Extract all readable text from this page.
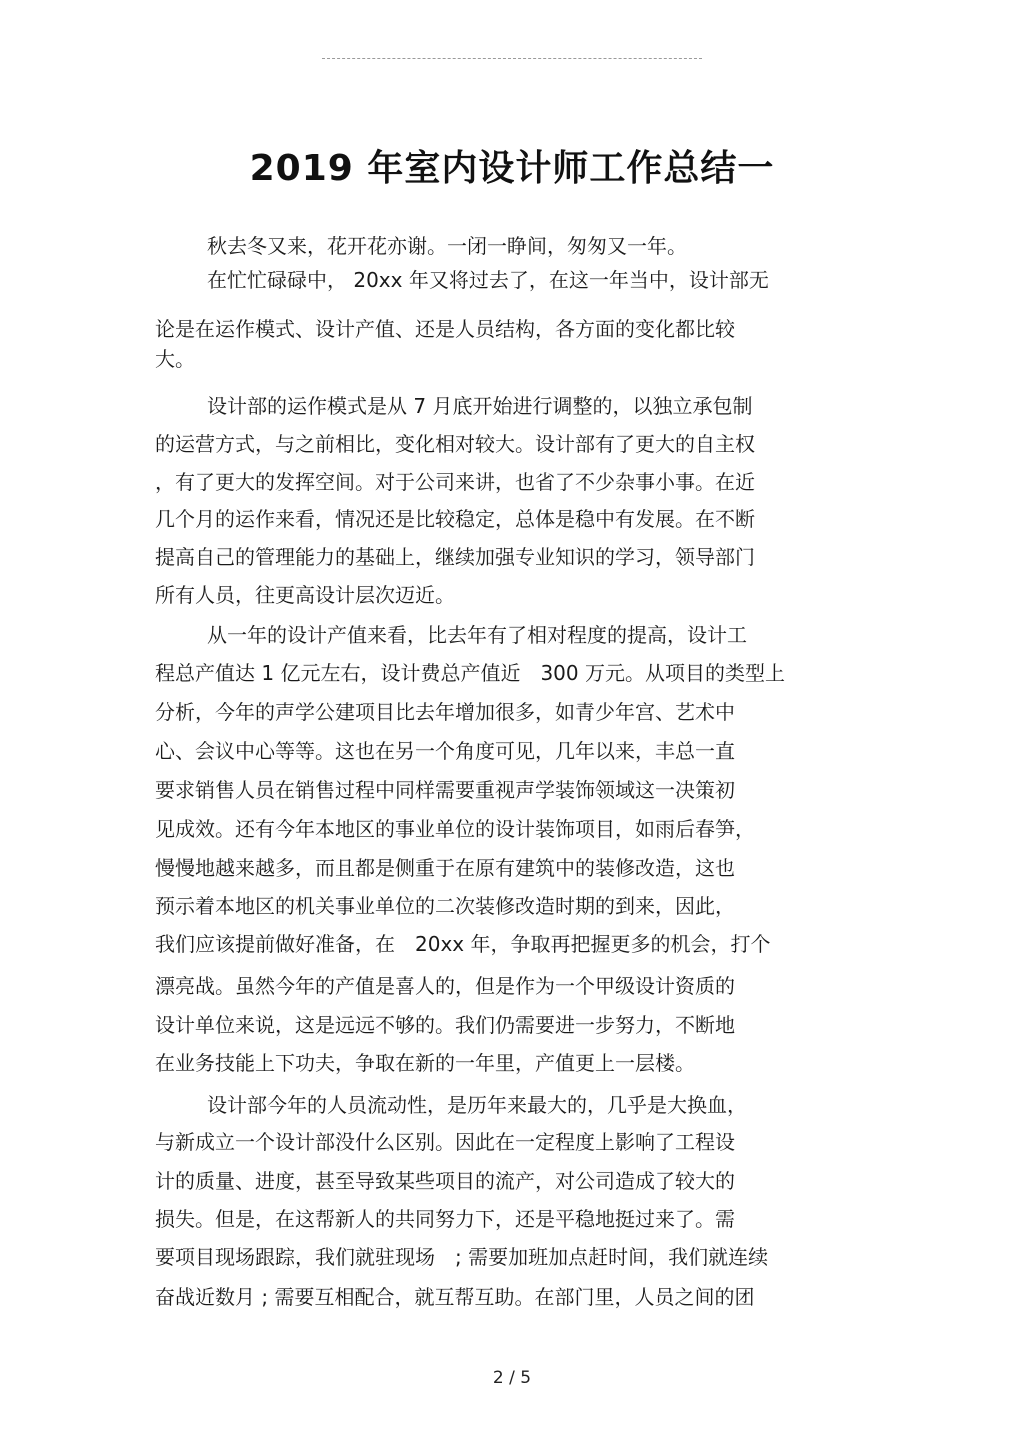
2019 年室内设计师工作总结一
秋去冬又来，花开花亦谢。一闭一睁间，匆匆又一年。
在忙忙碌碌中， 20xx 年又将过去了，在这一年当中，设计部无
论是在运作模式、设计产值、还是人员结构，各方面的变化都比较
大。
设计部的运作模式是从 7 月底开始进行调整的，以独立承包制
的运营方式，与之前相比，变化相对较大。设计部有了更大的自主权
，有了更大的发挥空间。对于公司来讲，也省了不少杂事小事。在近
几个月的运作来看，情况还是比较稳定，总体是稳中有发展。在不断
提高自己的管理能力的基础上，继续加强专业知识的学习，领导部门
所有人员，往更高设计层次迈近。
从一年的设计产值来看，比去年有了相对程度的提高，设计工
程总产值达 1 亿元左右，设计费总产值近　300 万元。从项目的类型上
分析，今年的声学公建项目比去年增加很多，如青少年宫、艺术中
心、会议中心等等。这也在另一个角度可见，几年以来，丰总一直
要求销售人员在销售过程中同样需要重视声学装饰领域这一决策初
见成效。还有今年本地区的事业单位的设计装饰项目，如雨后春笋，
慢慢地越来越多，而且都是侧重于在原有建筑中的装修改造，这也
预示着本地区的机关事业单位的二次装修改造时期的到来，因此，
我们应该提前做好准备，在　20xx 年，争取再把握更多的机会，打个
漂亮战。虽然今年的产值是喜人的，但是作为一个甲级设计资质的
设计单位来说，这是远远不够的。我们仍需要进一步努力，不断地
在业务技能上下功夫，争取在新的一年里，产值更上一层楼。
设计部今年的人员流动性，是历年来最大的，几乎是大换血，
与新成立一个设计部没什么区别。因此在一定程度上影响了工程设
计的质量、进度，甚至导致某些项目的流产，对公司造成了较大的
损失。但是，在这帮新人的共同努力下，还是平稳地挺过来了。需
要项目现场跟踪，我们就驻现场　; 需要加班加点赶时间，我们就连续
奋战近数月 ; 需要互相配合，就互帮互助。在部门里，人员之间的团
2 / 5
